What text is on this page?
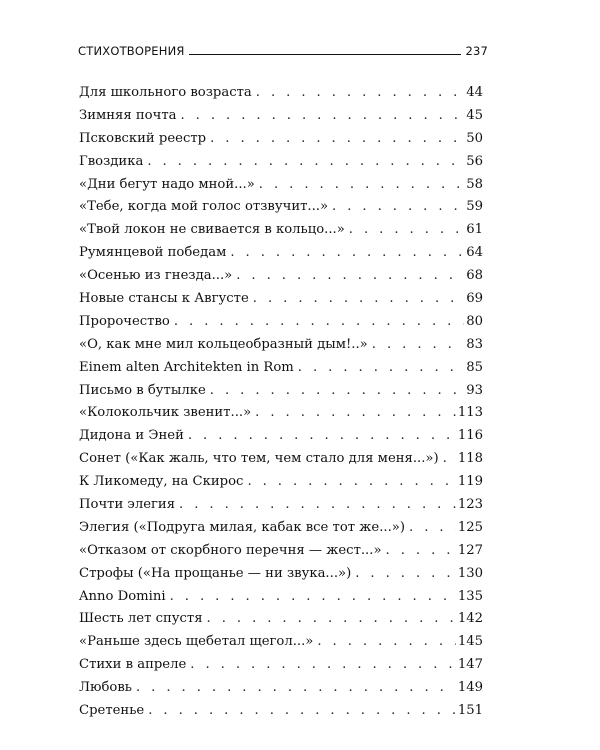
СТИХОТВОРЕНИЯ	237
Для школьного возраста . . .	44
Зимняя почта . . .	45
Псковский реестр . . .	50
Гвоздика . . .	56
«Дни бегут надо мной...» . . .	58
«Тебе, когда мой голос отзвучит...» . . .	59
«Твой локон не свивается в кольцо...» . . .	61
Румянцевой победам . . .	64
«Осенью из гнезда...» . . .	68
Новые стансы к Августе . . .	69
Пророчество . . .	80
«О, как мне мил кольцеобразный дым!..» . . .	83
Einem alten Architekten in Rom . . .	85
Письмо в бутылке . . .	93
«Колокольчик звенит...» . . .	113
Дидона и Эней . . .	116
Сонет («Как жаль, что тем, чем стало для меня...») . . . 118
К Ликомеду, на Скирос . . .	119
Почти элегия . . .	123
Элегия («Подруга милая, кабак все тот же...») . . .	125
«Отказом от скорбного перечня — жест...» . . .	127
Строфы («На прощанье — ни звука...») . . .	130
Anno Domini . . .	135
Шесть лет спустя . . .	142
«Раньше здесь щебетал щегол...» . . .	145
Стихи в апреле . . .	147
Любовь . . .	149
Сретенье . . .	151
